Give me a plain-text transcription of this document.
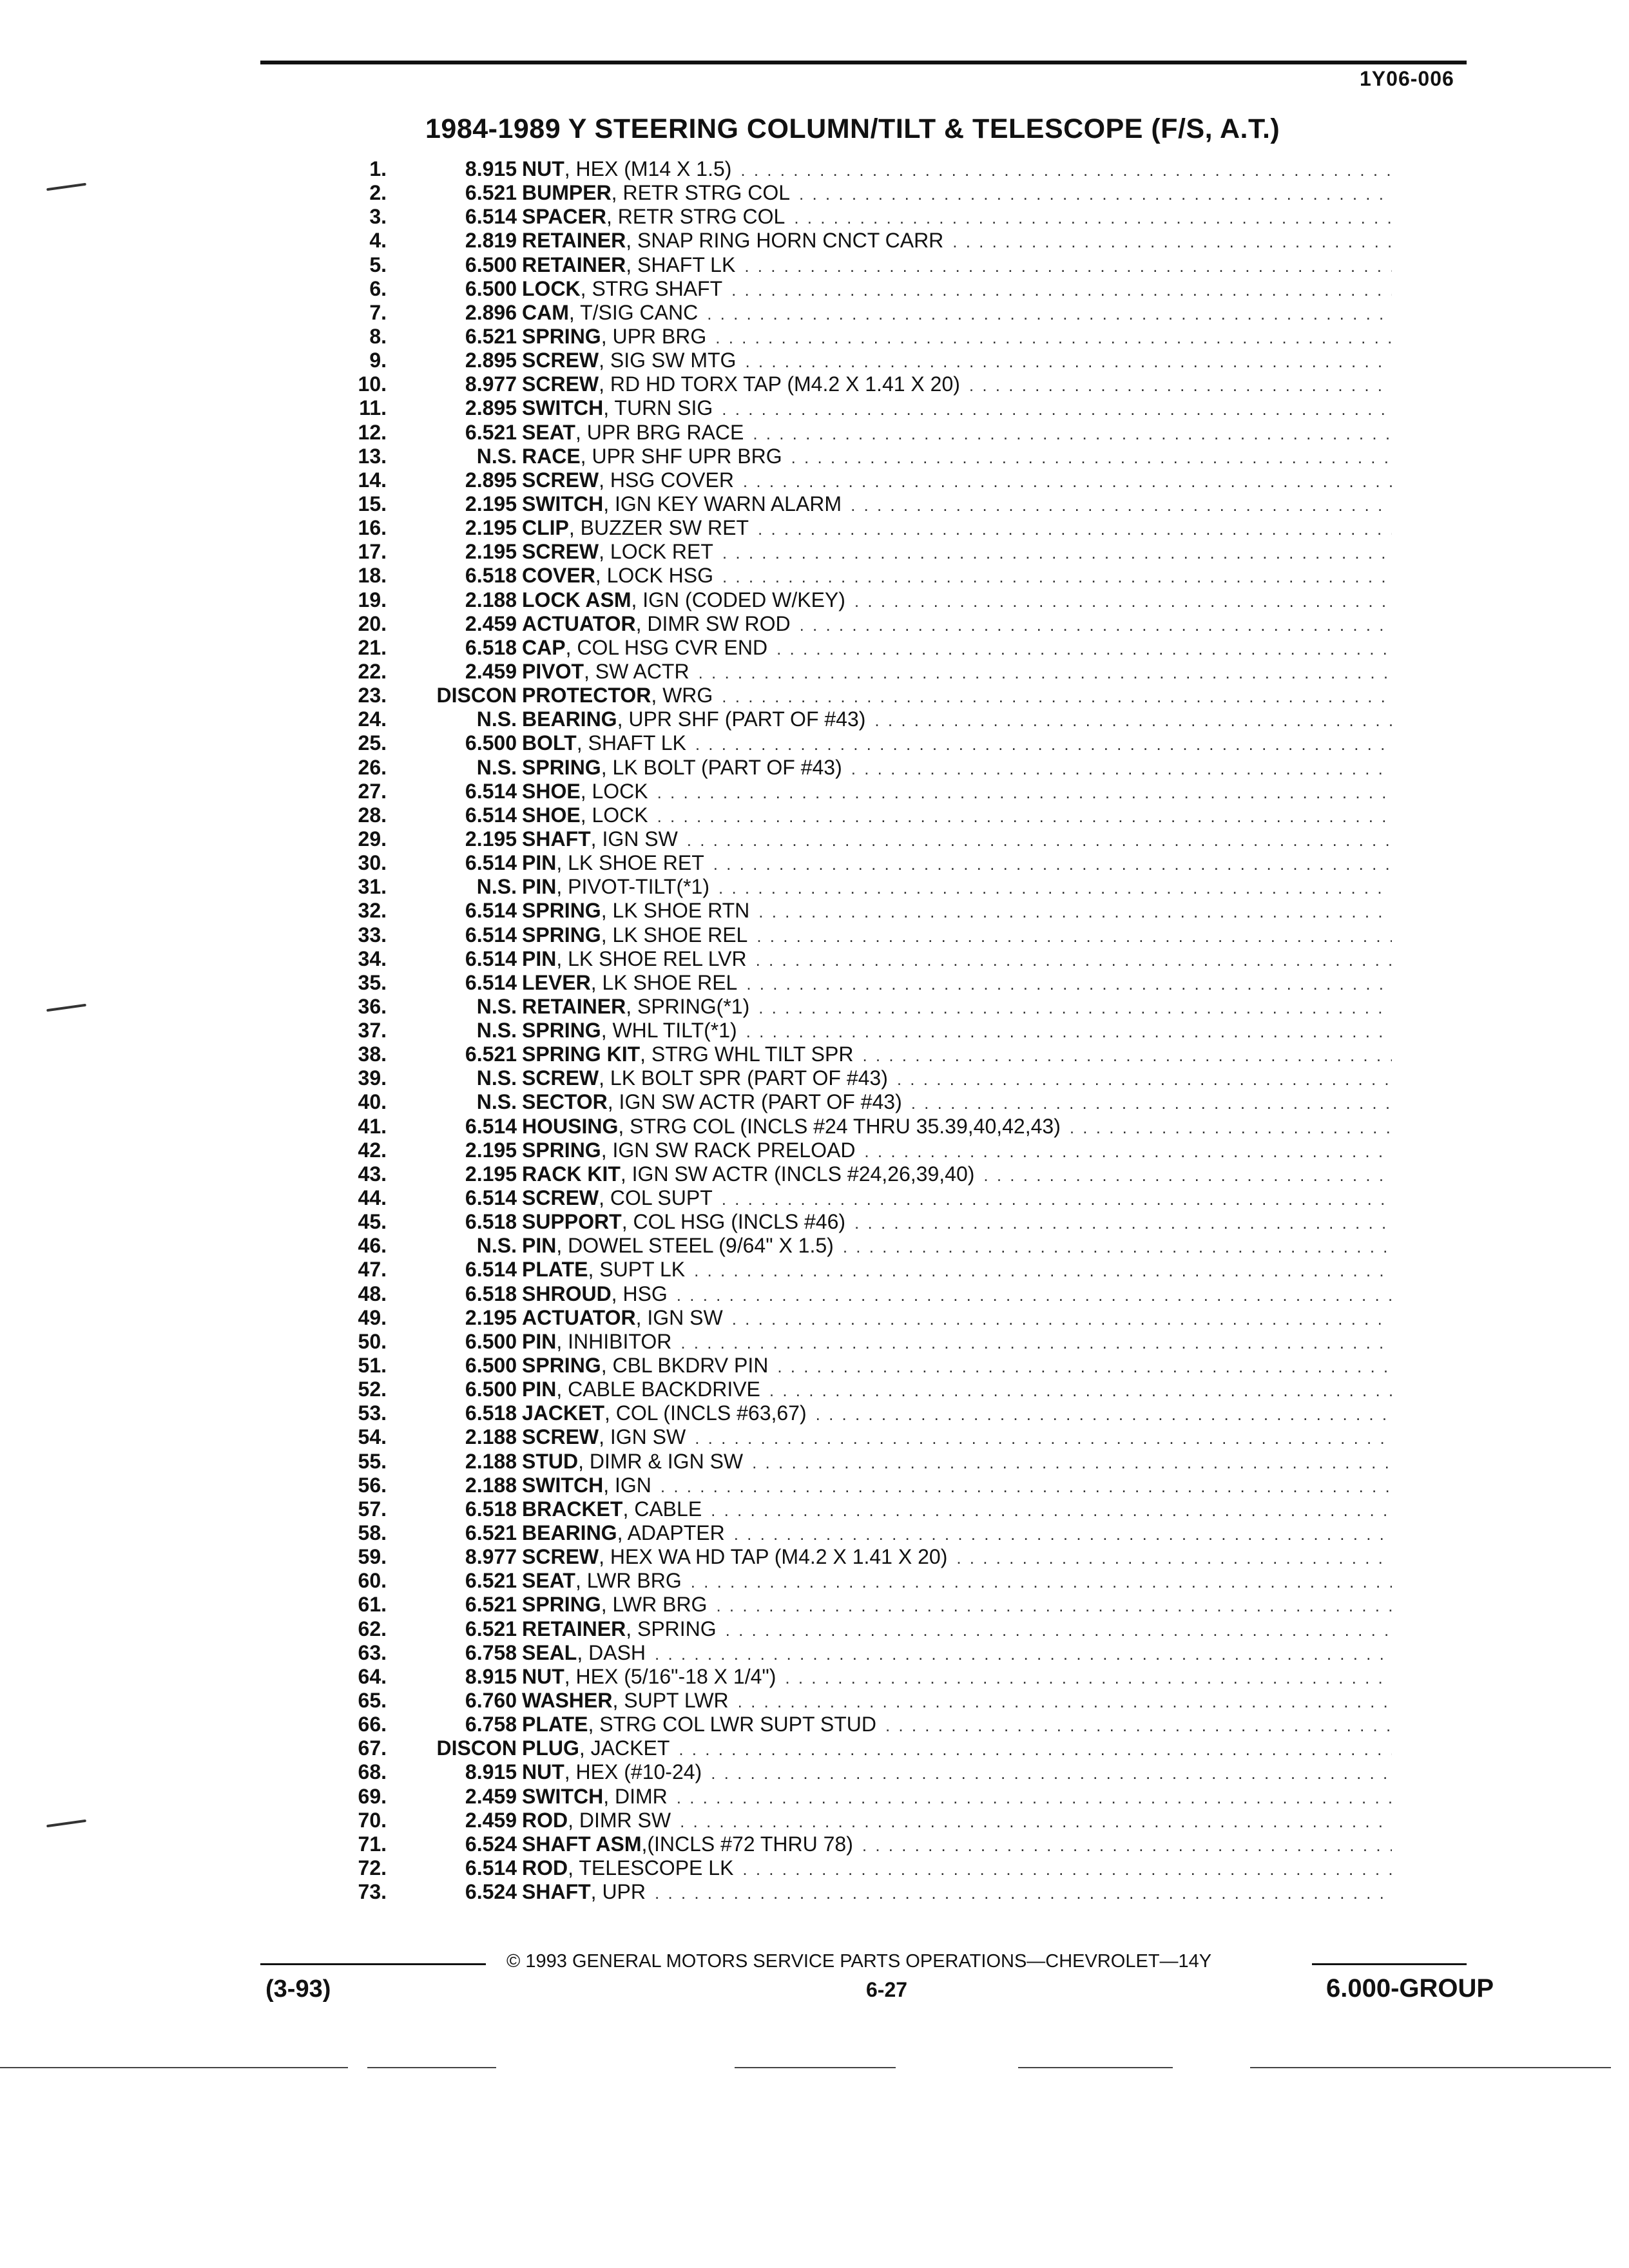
1Y06-006
1984-1989 Y STEERING COLUMN/TILT & TELESCOPE (F/S, A.T.)
1.	8.915 NUT , HEX (M14 X 1.5)
. . .
2.	6.521 BUMPER , RETR STRG COL
. . .
3.	6.514 SPACER , RETR STRG COL
. . .
4.	2.819 RETAINER , SNAP RING HORN CNCT CARR
. . .
5.	6.500 RETAINER , SHAFT LK
. . .
6.	6.500 LOCK , STRG SHAFT
. . .
7.	2.896 CAM , T/SIG CANC
. . .
8.	6.521 SPRING , UPR BRG
. . .
9.	2.895 SCREW , SIG SW MTG
. . .
10.	8.977 SCREW , RD HD TORX TAP (M4.2 X 1.41 X 20)
. . .
11.	2.895 SWITCH , TURN SIG
. . .
12.	6.521 SEAT , UPR BRG RACE
. . .
13.	N.S. RACE , UPR SHF UPR BRG
. . .
14.	2.895 SCREW , HSG COVER
. . .
15.	2.195 SWITCH , IGN KEY WARN ALARM
. . .
16.	2.195 CLIP , BUZZER SW RET
. . .
17.	2.195 SCREW , LOCK RET
. . .
18.	6.518 COVER , LOCK HSG
. . .
19.	2.188 LOCK ASM , IGN (CODED W/KEY)
. . .
20.	2.459 ACTUATOR , DIMR SW ROD
. . .
21.	6.518 CAP , COL HSG CVR END
. . .
22.	2.459 PIVOT , SW ACTR
. . .
23.	DISCON PROTECTOR , WRG
. . .
24.	N.S. BEARING , UPR SHF (PART OF #43)
. . .
25.	6.500 BOLT , SHAFT LK
. . .
26.	N.S. SPRING , LK BOLT (PART OF #43)
. . .
27.	6.514 SHOE , LOCK
. . .
28.	6.514 SHOE , LOCK
. . .
29.	2.195 SHAFT , IGN SW
. . .
30.	6.514 PIN , LK SHOE RET
. . .
31.	N.S. PIN , PIVOT-TILT(*1)
. . .
32.	6.514 SPRING , LK SHOE RTN
. . .
33.	6.514 SPRING , LK SHOE REL
. . .
34.	6.514 PIN , LK SHOE REL LVR
. . .
35.	6.514 LEVER , LK SHOE REL
. . .
36.	N.S. RETAINER , SPRING(*1)
. . .
37.	N.S. SPRING , WHL TILT(*1)
. . .
38.	6.521 SPRING KIT , STRG WHL TILT SPR
. . .
39.	N.S. SCREW , LK BOLT SPR (PART OF #43)
. . .
40.	N.S. SECTOR , IGN SW ACTR (PART OF #43)
. . .
41.	6.514 HOUSING , STRG COL (INCLS #24 THRU 35.39,40,42,43)
. . .
42.	2.195 SPRING , IGN SW RACK PRELOAD
. . .
43.	2.195 RACK KIT , IGN SW ACTR (INCLS #24,26,39,40)
. . .
44.	6.514 SCREW , COL SUPT
. . .
45.	6.518 SUPPORT , COL HSG (INCLS #46)
. . .
46.	N.S. PIN , DOWEL STEEL (9/64" X 1.5)
. . .
47.	6.514 PLATE , SUPT LK
. . .
48.	6.518 SHROUD , HSG
. . .
49.	2.195 ACTUATOR , IGN SW
. . .
50.	6.500 PIN , INHIBITOR
. . .
51.	6.500 SPRING , CBL BKDRV PIN
. . .
52.	6.500 PIN , CABLE BACKDRIVE
. . .
53.	6.518 JACKET , COL (INCLS #63,67)
. . .
54.	2.188 SCREW , IGN SW
. . .
55.	2.188 STUD , DIMR & IGN SW
. . .
56.	2.188 SWITCH , IGN
. . .
57.	6.518 BRACKET , CABLE
. . .
58.	6.521 BEARING , ADAPTER
. . .
59.	8.977 SCREW , HEX WA HD TAP (M4.2 X 1.41 X 20)
. . .
60.	6.521 SEAT , LWR BRG
. . .
61.	6.521 SPRING , LWR BRG
. . .
62.	6.521 RETAINER , SPRING
. . .
63.	6.758 SEAL , DASH
. . .
64.	8.915 NUT , HEX (5/16"-18 X 1/4")
. . .
65.	6.760 WASHER , SUPT LWR
. . .
66.	6.758 PLATE , STRG COL LWR SUPT STUD
. . .
67.	DISCON PLUG , JACKET
. . .
68.	8.915 NUT , HEX (#10-24)
. . .
69.	2.459 SWITCH , DIMR
. . .
70.	2.459 ROD , DIMR SW
. . .
71.	6.524 SHAFT ASM ,(INCLS #72 THRU 78)
. . .
72.	6.514 ROD , TELESCOPE LK
. . .
73.	6.524 SHAFT , UPR
. . .
© 1993 GENERAL MOTORS SERVICE PARTS OPERATIONS—CHEVROLET—14Y
(3-93)	6-27	6.000-GROUP
